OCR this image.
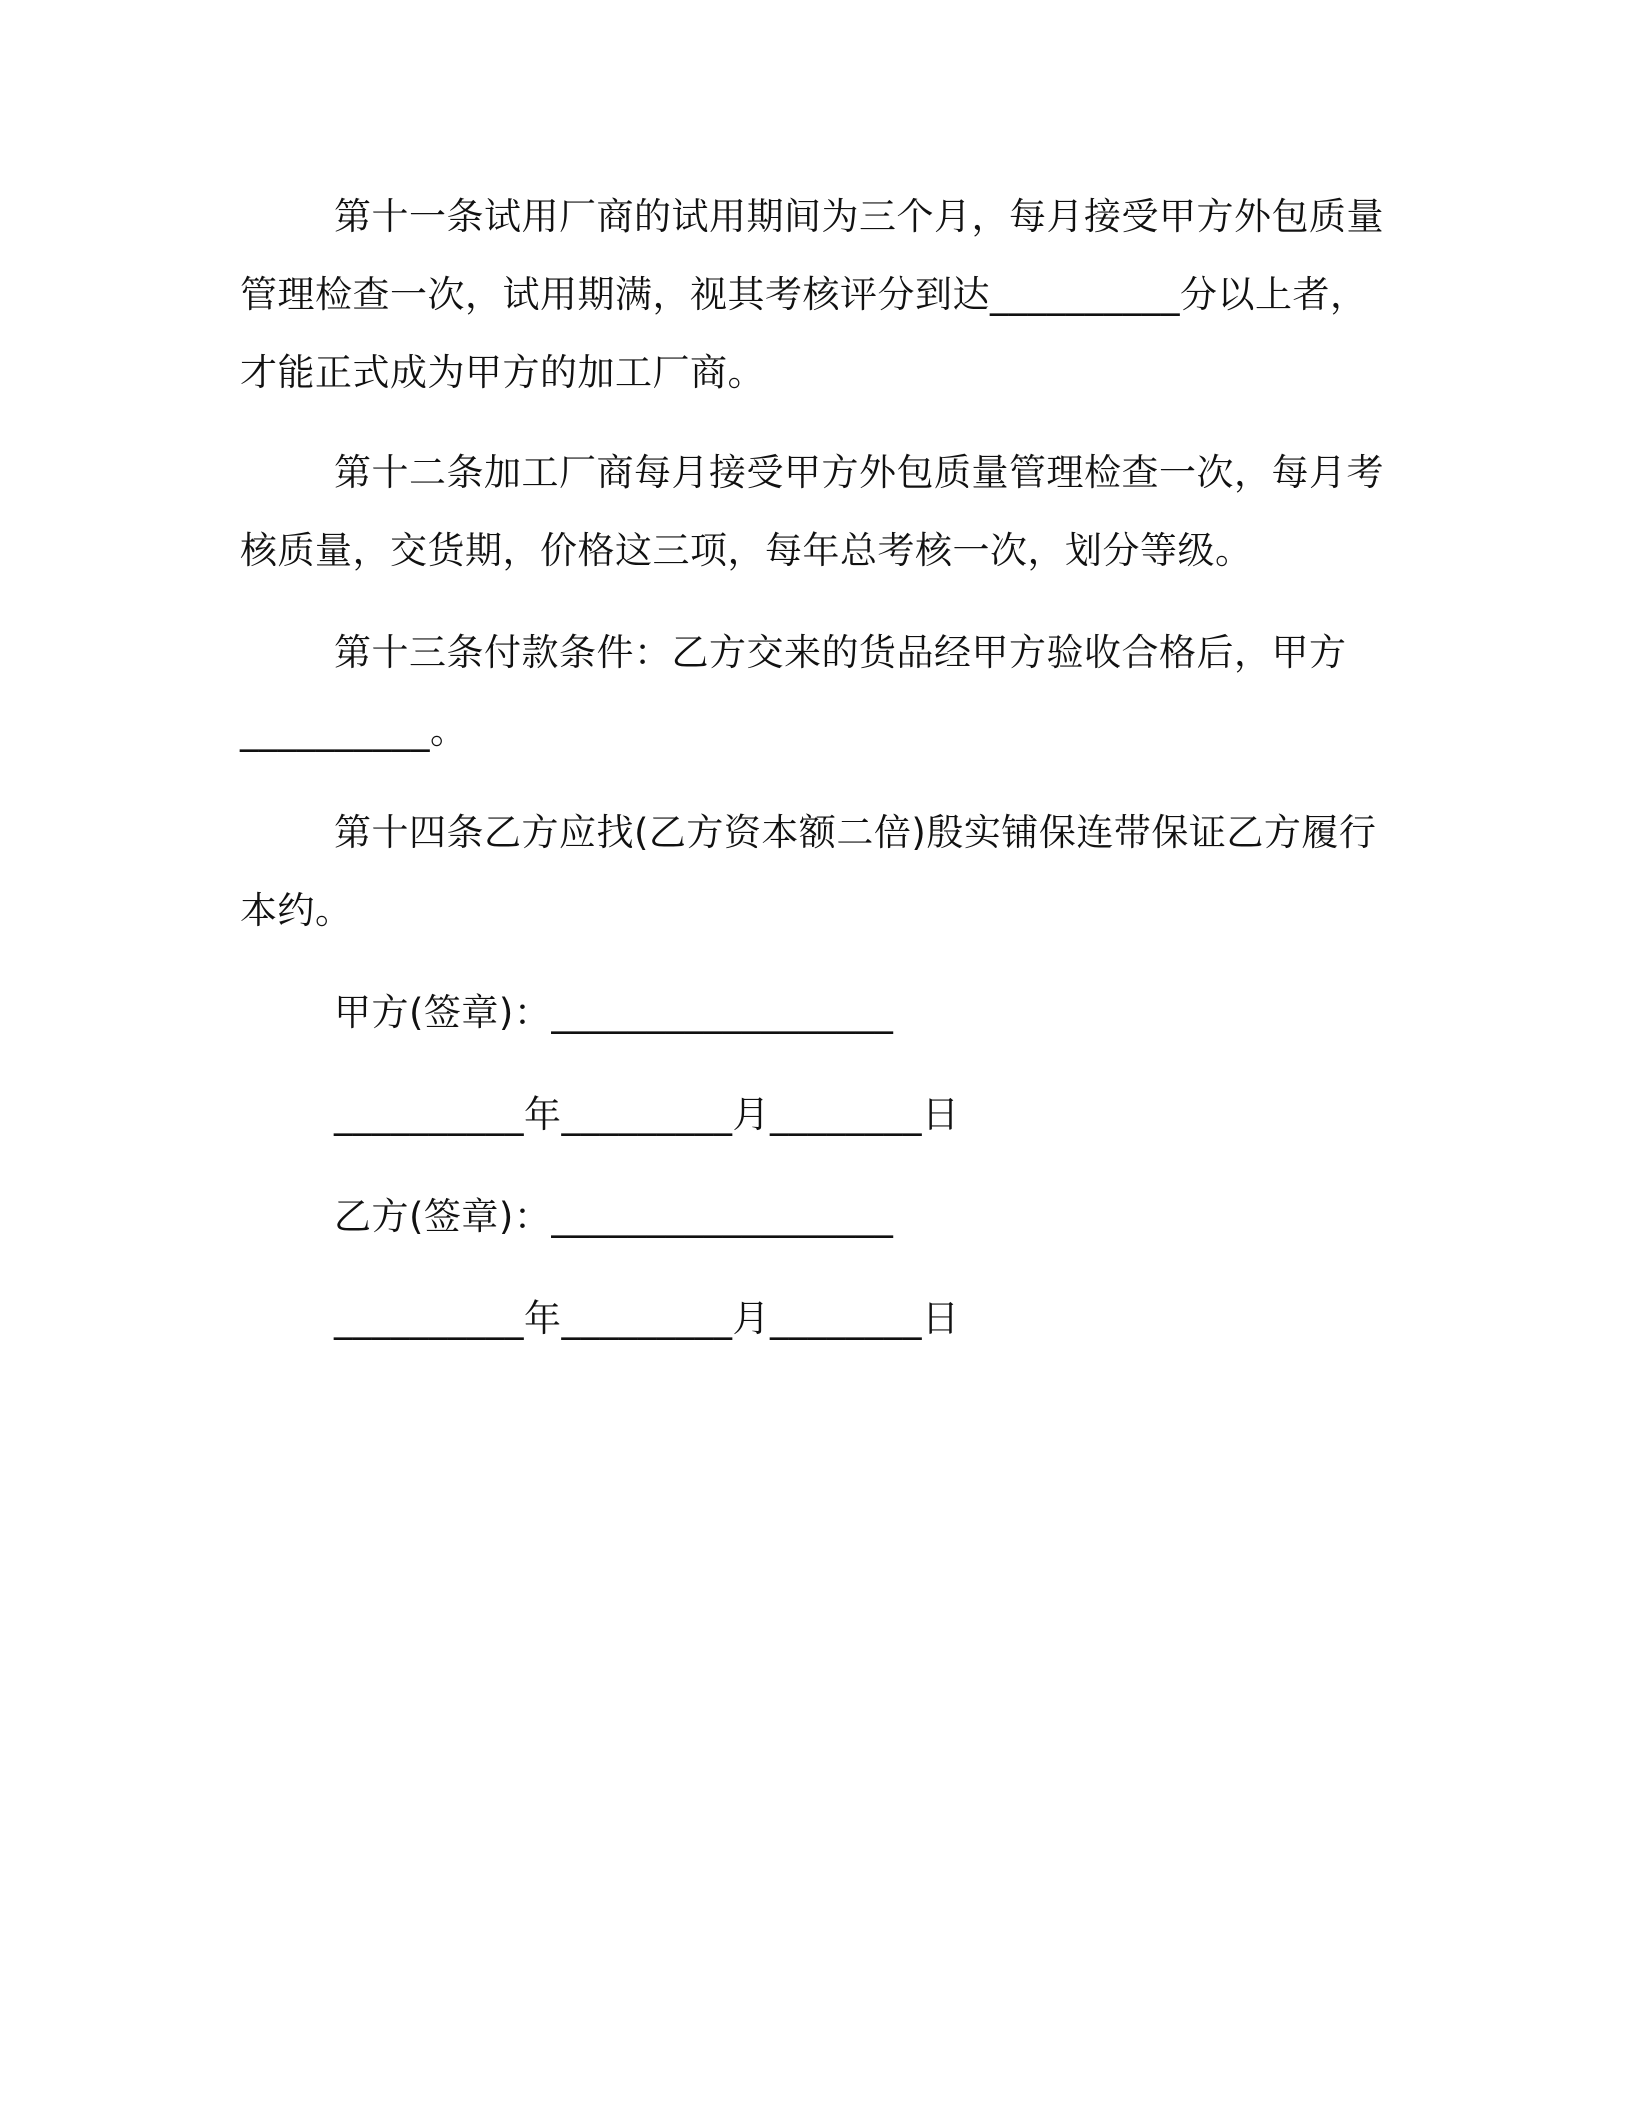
第十一条试用厂商的试用期间为三个月，每月接受甲方外包质量
管理检查一次，试用期满，视其考核评分到达__________分以上者，
才能正式成为甲方的加工厂商。
第十二条加工厂商每月接受甲方外包质量管理检查一次，每月考
核质量，交货期，价格这三项，每年总考核一次，划分等级。
第十三条付款条件：乙方交来的货品经甲方验收合格后，甲方
__________。
第十四条乙方应找(乙方资本额二倍)殷实铺保连带保证乙方履行
本约。
甲方(签章)：__________________
__________年_________月________日
乙方(签章)：__________________
__________年_________月________日
